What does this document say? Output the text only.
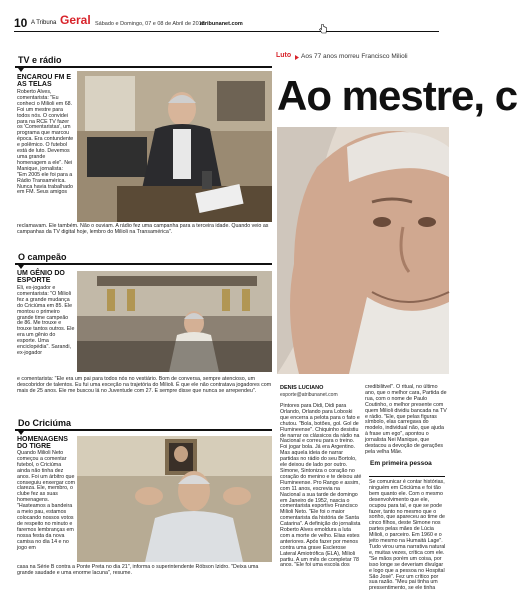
10 A Tribuna Geral Sábado e Domingo, 07 e 08 de Abril de 2018
atribunanet.com
TV e rádio
ENCAROU FM E AS TELAS
Roberto Alves, comentarista: "Eu conheci o Milioli em 68. Foi um mestre para todos nós. O convidei para na RCE TV fazer os 'Comentaristas', um programa que marcou época. Era contundente e polêmico. O futebol está de luto. Devemos uma grande homenagem a ele". Nei Manique, jornalista: "Em 2005 ele foi para a Rádio Transamérica. Nunca havia trabalhado em FM. Seus amigos
reclamavam. Ele também. Não o ouviam. A rádio fez uma campanha para a terceira idade. Quando veio as campanhas da TV digital hoje, lembro do Milioli na Transamérica".
O campeão
UM GÊNIO DO ESPORTE
Eli, ex-jogador e comentarista: "O Milioli fez a grande mudança do Criciúma em 85. Ele montou o primeiro grande time campeão de 86. Me trouxe e trouxe tantos outros. Ele era um gênio do esporte. Uma enciclopédia". Sarandi, ex-jogador
e comentarista: "Ele era um pai para todos nós no vestiário. Bom de conversa, sempre atencioso, um descobridor de talentos. Eu fui uma exceção na trajetória do Milioli. É que ele não contratava jogadores com mais de 25 anos. Ele me buscou lá no Juventude com 27. E sempre disse que nunca se arrependeu".
Do Criciúma
HOMENAGENS DO TIGRE
Quando Milioli Neto começou a comentar futebol, o Criciúma ainda não tinha dez anos. Foi um árbitro que conseguiu enxergar com clareza. Ele, membro, o clube fez as suas homenagens. "Hasteamos a bandeira a meio pau, estamos colocando nossos votos de respeito no minuto e faremos lembranças em nossa festa da nova camisa no dia 14 e no jogo em
casa na Série B contra a Ponte Preta no dia 21", informa o superintendente Róbson Izidro. "Deixa uma grande saudade e uma enorme lacuna", resume.
Luto Aos 77 anos morreu Francisco Milioli
Ao mestre, c
DENIS LUCIANO
esporte@atribunanet.com
Pintores para Didi, Didi para Orlando, Orlando para Loboski que encerra a pelota para o fato e chutou. "Bola, botões, gol. Gol de Flumineense". Chiquinho desistiu de narrar os clássicos da rádio na Nacional e correu para o treino. Foi jogar bola. Já era Argentino. Mas aquela ideia de narrar partidas no rádio do seu Bortolo, ele deixou de lado por outro. Simone, Sintoniza o coração no coração do menino e te deixou até Flumineense. Pro Rango e assim, com 11 anos, escrevia na Nacional a sua tarde de domingo em Janeiro de 1952, nascia o comentarista esportivo Francisco Milioli Neto. "Ele foi o maior comentarista da história de Santa Catarina". A definição do jornalista Roberto Alves emoldura a luta com a morte de velho. Elias estes anteriores. Após fazer por menos contra uma grave Esclerose Lateral Amiotrófica (ELA), Milioli partiu. A um mês de completar 78 anos. "Ele foi uma escola dos
credibilitvel". O ritual, no último ano, que o melhor cara, Partida de rua, com o nome de Paulo Coutinho, o melhor presente com quem Milioli dividiu bancada na TV e rádio. "Ele, que pelas figuras símbolo, elas carregava do modelo, individual não, que ajuda à frase um ego", apontou o jornalista Nei Manique, que destacou a devoção de gerações pela velha Mãe.
Em primeira pessoa
Se comunicar é contar histórias, ninguém em Criciúma e foi tão bem quanto ele. Com o mesmo desenvolvimento que ele, ocupou para tal, e que se pode fazer, tanto no mesmo que o sonho, que apareceu ao time de cinco filhos, deste Simone nos partes pelas mães de Lúcia Milioli, o parceiro. Em 1960 e o jeito mesmo na Humaitá Lage". Tudo virou uma narrativa natural e, muitas vezes, crítica com ele. "Se mãos porém um coisa, por isso longe se deveriam divulgar e logo que a pessoa no Hospital São José". Fez um crítico por sua razão. "Meu pai tinha um pressentimento, se ele tinha
